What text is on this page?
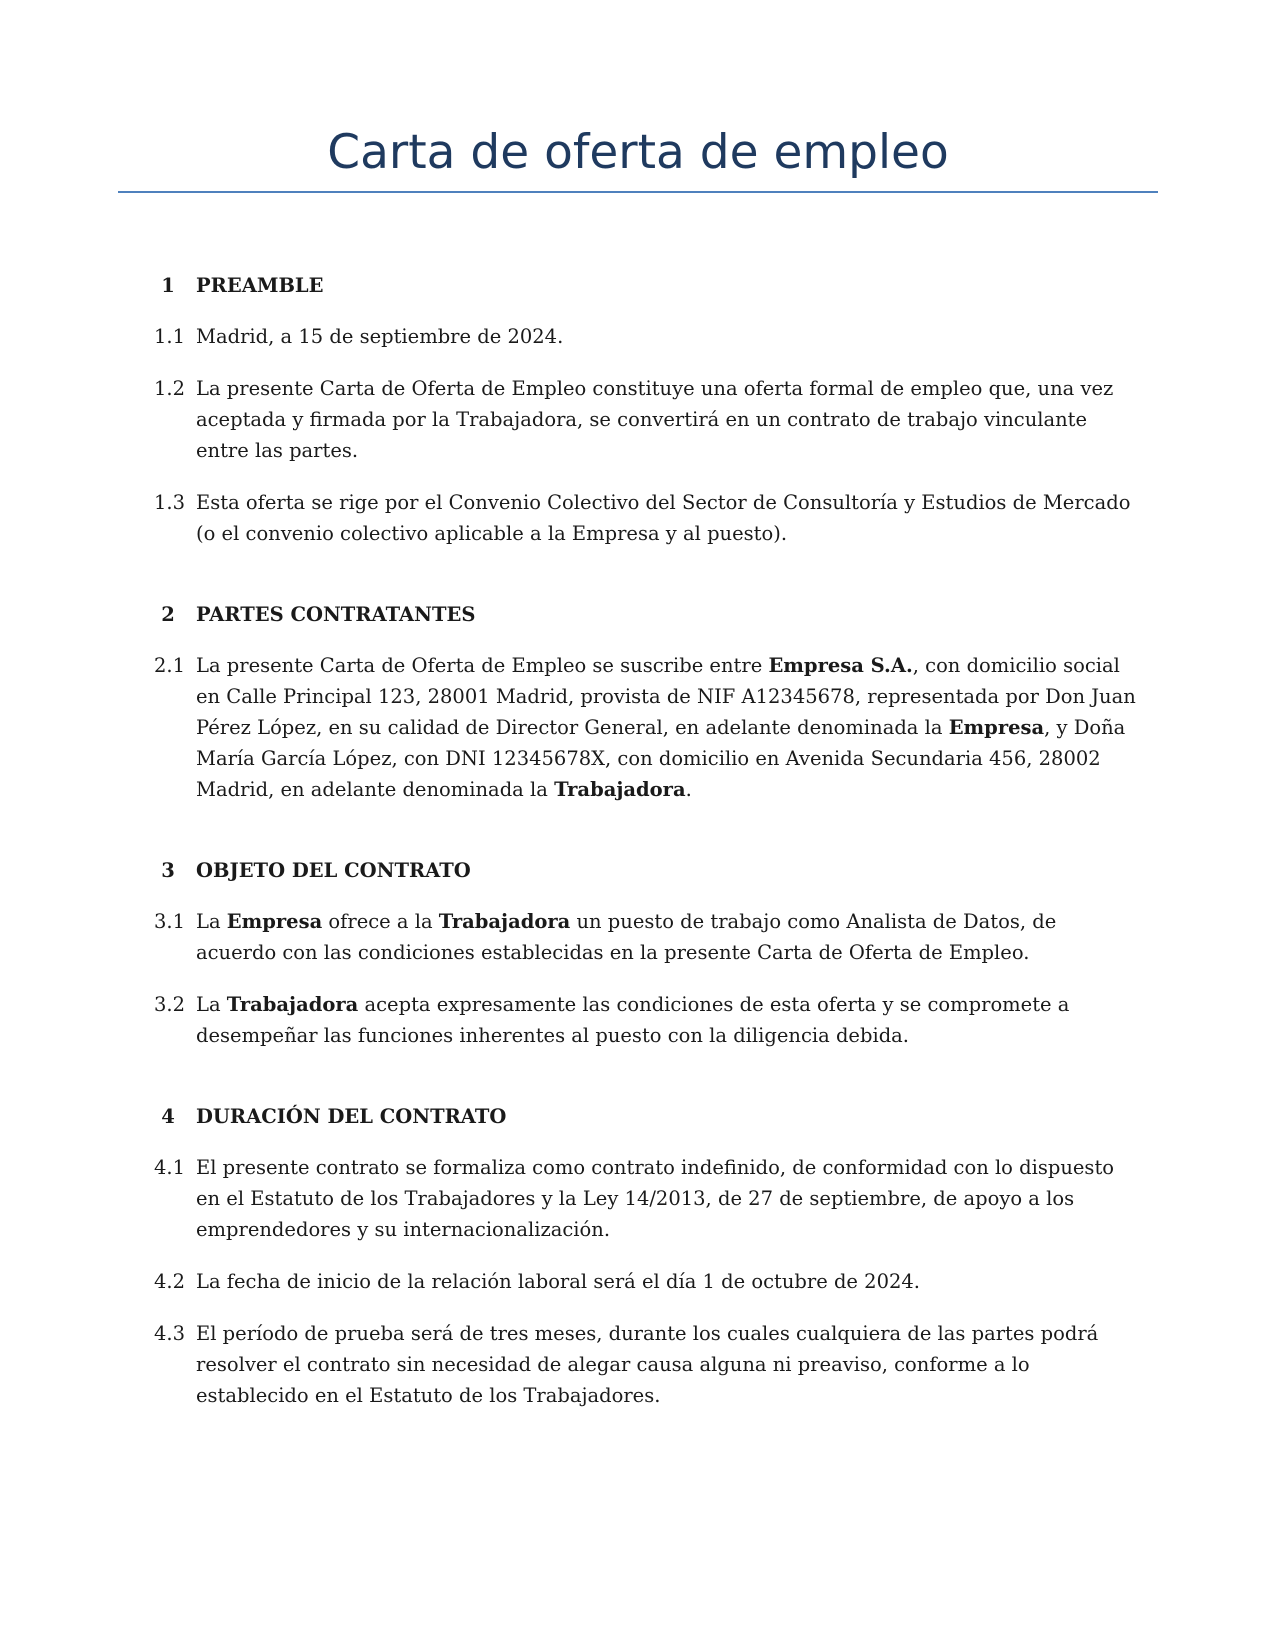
Carta de oferta de empleo
1	PREAMBLE
1.1 Madrid, a 15 de septiembre de 2024.
1.2 La presente Carta de Oferta de Empleo constituye una oferta formal de empleo que, una vez aceptada y firmada por la Trabajadora, se convertirá en un contrato de trabajo vinculante entre las partes.
1.3 Esta oferta se rige por el Convenio Colectivo del Sector de Consultoría y Estudios de Mercado (o el convenio colectivo aplicable a la Empresa y al puesto).
2	PARTES CONTRATANTES
2.1 La presente Carta de Oferta de Empleo se suscribe entre Empresa S.A., con domicilio social en Calle Principal 123, 28001 Madrid, provista de NIF A12345678, representada por Don Juan Pérez López, en su calidad de Director General, en adelante denominada la Empresa, y Doña María García López, con DNI 12345678X, con domicilio en Avenida Secundaria 456, 28002 Madrid, en adelante denominada la Trabajadora.
3	OBJETO DEL CONTRATO
3.1 La Empresa ofrece a la Trabajadora un puesto de trabajo como Analista de Datos, de acuerdo con las condiciones establecidas en la presente Carta de Oferta de Empleo.
3.2 La Trabajadora acepta expresamente las condiciones de esta oferta y se compromete a desempeñar las funciones inherentes al puesto con la diligencia debida.
4	DURACIÓN DEL CONTRATO
4.1 El presente contrato se formaliza como contrato indefinido, de conformidad con lo dispuesto en el Estatuto de los Trabajadores y la Ley 14/2013, de 27 de septiembre, de apoyo a los emprendedores y su internacionalización.
4.2 La fecha de inicio de la relación laboral será el día 1 de octubre de 2024.
4.3 El período de prueba será de tres meses, durante los cuales cualquiera de las partes podrá resolver el contrato sin necesidad de alegar causa alguna ni preaviso, conforme a lo establecido en el Estatuto de los Trabajadores.
